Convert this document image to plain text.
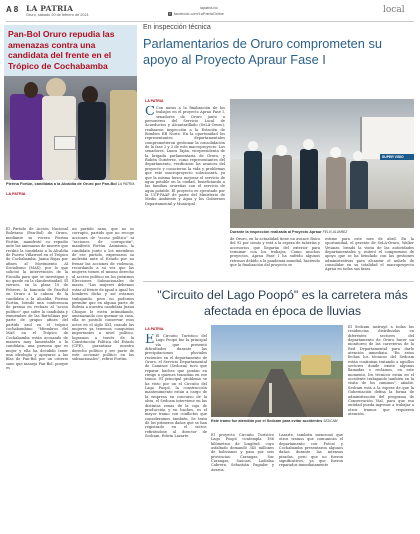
A 8 LA PATRIA
Oruro, sábado 20 de febrero de 2021
lapatria.bo
f facebook.com/LaPatriaOnline	local
Pan-Bol Oruro repudia las amenazas contra una candidata del frente en el Trópico de Cochabamba
Pierina Fortún, candidata a la Alcaldía de Oruro por Pan-Bol LA PATRIA
LA PATRIA
El Partido de Acción Nacional Boliviano (Pan-Bol) de Oruro, mediante su vocera Pierina Fortún, manifestó su repudio ante las amenazas de muerte que recibió la candidata a la Alcaldía de Puerto Villarroel en el Trópico de Cochabamba, Juana Rojas por afines al Movimiento Al Socialismo (MAS), por lo que solicitó la intervención de la Fiscalía para que se investigue y no quede en la clandestinidad. El viernes, en la plaza 10 de Febrero, la bancada de Pan-Bol en Oruro a la cabeza de la candidata a la Alcaldía, Pierina Fortún, brindó una conferencia de prensa en rechazo al "acoso político" que sufre la candidata y exmiembro de las Bartolinas por parte de grupos afines del partido azul en el trópico cochabambino. "Miembros del MAS en el Trópico de Cochabamba están acosando de manera muy lamentable a la candidata, una persona que es mujer y ella ha decidido tener una ideología y apoyarse a las filas de Pan-Bol por un criterio sano que maneja Pan-Bol, porque es
un partido sano, que no es corrupto, partido que no recoge acciones de "acoso político" ni "acciones de corrupción", manifestó Fortún. Asimismo, la candidata junto a los miembros de ese partido, expresaron su molestia ante el Estado por no frenar las acciones de violencia, recordando a su vez que las mujeres tienen el mismo derecho al acceso político en los próximos Elecciones Subnacionales de marzo. "Las mujeres debemos estar al frente de igual a igual los hombres dicho y así estamos trabajando, pero no podemos permitir que en alguna parte de Bolivia a nuestra candidata Juana Choque le estén intimidando, amenazando con quemar su casa, ella se postuló conservar esos actos en el siglo XXI, cuando las mujeres ya tenemos conquistas importantes a nivel político, logramos a través de la Constitución Política del Estado (CPE), garantizar nuestro derecho político y ser parte de este accionar político en las subnacionales", refirió Fortún.
En inspección técnica
Parlamentarios de Oruro comprometen su apoyo al Proyecto Apraur Fase I
LA PATRIA
C Con miras a la finalización de los trabajos en el proyecto Aprau Fase I, senadores de Oruro junto a personeros del Servicio Local de Acueductos y Alcantarillado (SeLA-Oruro), realizaron inspección a la Estación de Bombeo EB Norte. En la oportunidad los representantes departamentales comprometieron gestionar la consolidación de la fase 2 y 3 de este macroproyecto. Los senadores, Laura Taján, vicepresidenta de la brigada parlamentaria de Oruro, y Rubén Gutiérrez, como representantes del departamento, verificaron los avances del proyecto y conocieron la vida y problemas que este macroproyecto solucionará, ya que la misma busca mejorar el servicio de agua potable en la ciudad, beneficiando a las familias orureñas con el servicio de agua potable. El proyecto es ejecutado por la UCP-PAAP de parte del Ministerio de Medio Ambiente y Agua y los Gobiernos Departamental y Municipal
SUPER VISIO
Durante la inspección realizada al Proyecto Apraur FELIX ALVAREZ
de Oruro, en la actualidad tiene un avance físico del 92 por ciento y está a la espera de tuberías y accesorios que llegarán del exterior para terminar con los trabajos. Como muchos proyectos, Aprau Fase I ha sufrido algunos retrasos debido a la pandemia mundial, haciendo que la finalización del proyecto se
estime para este mes de abril. En la oportunidad, el gerente de SeLA-Oruro, Walter Vetanzo, brindó la visita de las autoridades departamentales y, reiteró el compromiso de apoyo que se ha brindado con las gestiones administrativas para alcanzar el anhelo de consolidar en su totalidad el macroproyecto Aprau en todas sus fases.
"Circuito del Lago Poopó" es la carretera más afectada en época de lluvias
LA PATRIA
E El Circuito Turístico del Lago Poopó fue la principal vía que presentó dificultades durante las precipitaciones pluviales recientes en el departamento de Oruro, el Servicio Departamental de Caminos (Sedcam) tuvo que reparar baches que ponían en riesgo a quienes transitan en ese tramo. El principal problema se ha visto por un el Circuito del Lago Poopó, la construcción mantenimiento están a cargo de la empresa en concurso de la obra, el Sedcam interviene en las distintas zonas de la caja de producción y en baches, es el mayor tramo con conflictos que consideramos también. Se trata de los primeros daños que se han registrado en el sector, refiriéndose al director de Sedcam, Edwin Lazarte.
Este tramo fue atendido por el Sedcam para evitar accidentes SEDCAM
El proyecto Circuito Turístico Lago Poopó contempla 186 kilómetros de longitud, cuyo asfaltado demandó 345 millones de bolivianos y pasa por seis provincias: Carangas, Sur Carangas, Saucarí, Ladislao Cabrera, Sebastián Pagador y Avaroa.
Lazarte, también mencionó que otros tramos que comunican el departamento con Potosí y Cochabamba presentaron algunos daños durante las intensas pisadas, pero que no fueron significativos, ya que fueron reparados inmediatamente
El Sedcam instruyó a todas las residencias distribuidas en diferentes sectores del departamento de Oruro hacer un monitoreo de las carreteras de la Red Departamental para darle atención inmediata. "En estos fechas los técnicos del Sedcam están continúan tratando a aguillos sectores donde existe algunas llamadas o reclamos, en este momento, los técnicos están en el occidente trabajando también en la visita de los caminos", añadió. Sedcam está a la espera de que la Gobernación defina la forma de administración del programa de Conservación Vial, para que esa entidad pueda ingresar a trabajar a otros tramos que requieren atención.
